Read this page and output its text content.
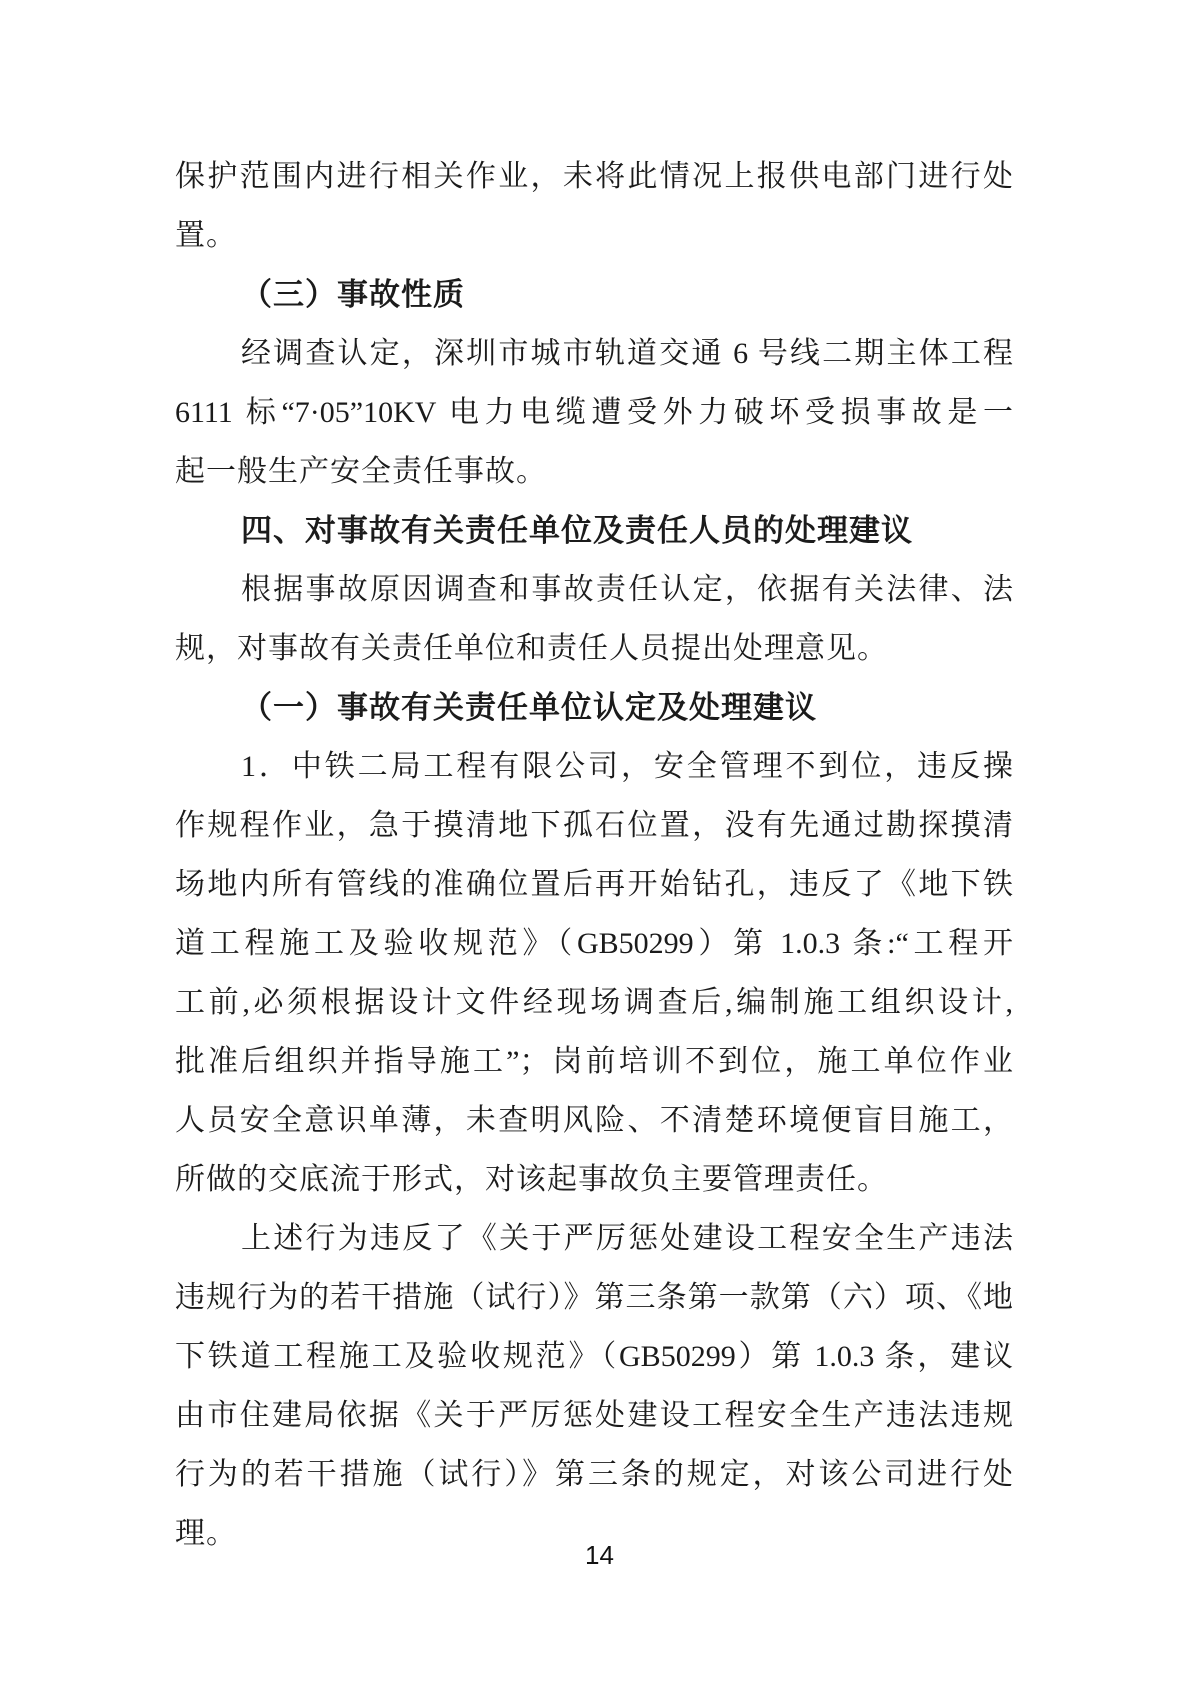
保护范围内进行相关作业，未将此情况上报供电部门进行处
置。
（三）事故性质
经调查认定，深圳市城市轨道交通 6 号线二期主体工程
6111 标“7·05”10KV 电力电缆遭受外力破坏受损事故是一
起一般生产安全责任事故。
四、对事故有关责任单位及责任人员的处理建议
根据事故原因调查和事故责任认定，依据有关法律、法
规，对事故有关责任单位和责任人员提出处理意见。
（一）事故有关责任单位认定及处理建议
1．中铁二局工程有限公司，安全管理不到位，违反操
作规程作业，急于摸清地下孤石位置，没有先通过勘探摸清
场地内所有管线的准确位置后再开始钻孔，违反了《地下铁
道工程施工及验收规范》（GB50299）第 1.0.3 条:“工程开
工前,必须根据设计文件经现场调查后,编制施工组织设计,
批准后组织并指导施工”；岗前培训不到位，施工单位作业
人员安全意识单薄，未查明风险、不清楚环境便盲目施工，
所做的交底流于形式，对该起事故负主要管理责任。
上述行为违反了《关于严厉惩处建设工程安全生产违法
违规行为的若干措施（试行）》第三条第一款第（六）项、《地
下铁道工程施工及验收规范》（GB50299）第 1.0.3 条，建议
由市住建局依据《关于严厉惩处建设工程安全生产违法违规
行为的若干措施（试行）》第三条的规定，对该公司进行处
理。
14
